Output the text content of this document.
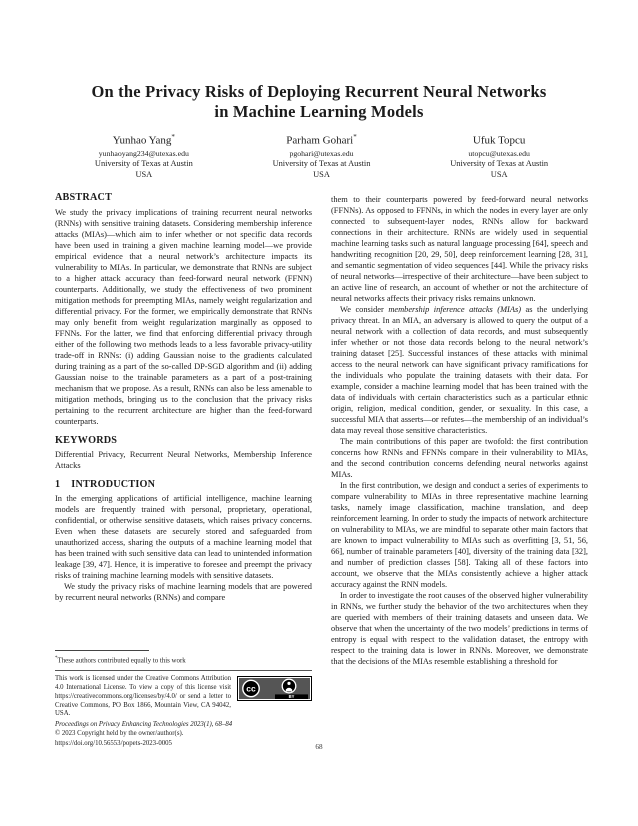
On the Privacy Risks of Deploying Recurrent Neural Networks
in Machine Learning Models
Yunhao Yang*
yunhaoyang234@utexas.edu
University of Texas at Austin
USA
Parham Gohari*
pgohari@utexas.edu
University of Texas at Austin
USA
Ufuk Topcu
utopcu@utexas.edu
University of Texas at Austin
USA
ABSTRACT

We study the privacy implications of training recurrent neural networks (RNNs) with sensitive training datasets. Considering membership inference attacks (MIAs)—which aim to infer whether or not specific data records have been used in training a given machine learning model—we provide empirical evidence that a neural network’s architecture impacts its vulnerability to MIAs. In particular, we demonstrate that RNNs are subject to a higher attack accuracy than feed-forward neural network (FFNN) counterparts. Additionally, we study the effectiveness of two prominent mitigation methods for preempting MIAs, namely weight regularization and differential privacy. For the former, we empirically demonstrate that RNNs may only benefit from weight regularization marginally as opposed to FFNNs. For the latter, we find that enforcing differential privacy through either of the following two methods leads to a less favorable privacy-utility trade-off in RNNs: (i) adding Gaussian noise to the gradients calculated during training as a part of the so-called DP-SGD algorithm and (ii) adding Gaussian noise to the trainable parameters as a part of a post-training mechanism that we propose. As a result, RNNs can also be less amenable to mitigation methods, bringing us to the conclusion that the privacy risks pertaining to the recurrent architecture are higher than the feed-forward counterparts.

KEYWORDS

Differential Privacy, Recurrent Neural Networks, Membership Inference Attacks

1 INTRODUCTION

In the emerging applications of artificial intelligence, machine learning models are frequently trained with personal, proprietary, operational, confidential, or otherwise sensitive datasets, which raises privacy concerns. Even when these datasets are securely stored and safeguarded from unauthorized access, sharing the outputs of a machine learning model that has been trained with such sensitive data can lead to unintended information leakage [39, 47]. Hence, it is imperative to foresee and preempt the privacy risks of training machine learning models with sensitive datasets.

We study the privacy risks of machine learning models that are powered by recurrent neural networks (RNNs) and compare

them to their counterparts powered by feed-forward neural networks (FFNNs). As opposed to FFNNs, in which the nodes in every layer are only connected to subsequent-layer nodes, RNNs allow for backward connections in their architecture. RNNs are widely used in sequential machine learning tasks such as natural language processing [64], speech and handwriting recognition [20, 29, 50], deep reinforcement learning [28, 31], and semantic segmentation of video sequences [44]. While the privacy risks of neural networks—irrespective of their architecture—have been subject to an active line of research, an account of whether or not the architecture of neural networks affects their privacy risks remains unknown.

We consider membership inference attacks (MIAs) as the underlying privacy threat. In an MIA, an adversary is allowed to query the output of a neural network with a collection of data records, and must subsequently infer whether or not those data records belong to the neural network’s training dataset [25]. Successful instances of these attacks with minimal access to the neural network can have significant privacy ramifications for the individuals who populate the training datasets with their data. For example, consider a machine learning model that has been trained with the data of individuals with certain characteristics such as a particular ethnic origin, religion, medical condition, gender, or sexuality. In this case, a successful MIA that asserts—or refutes—the membership of an individual’s data may reveal those sensitive characteristics.

The main contributions of this paper are twofold: the first contribution concerns how RNNs and FFNNs compare in their vulnerability to MIAs, and the second contribution concerns defending neural networks against MIAs.

In the first contribution, we design and conduct a series of experiments to compare vulnerability to MIAs in three representative machine learning tasks, namely image classification, machine translation, and deep reinforcement learning. In order to study the impacts of network architecture on vulnerability to MIAs, we are mindful to separate other main factors that are known to impact vulnerability to MIAs such as overfitting [3, 51, 56, 66], number of trainable parameters [40], diversity of the training data [32], and number of prediction classes [58]. Taking all of these factors into account, we observe that the MIAs consistently achieve a higher attack accuracy against the RNN models.

In order to investigate the root causes of the observed higher vulnerability in RNNs, we further study the behavior of the two architectures when they are queried with members of their training datasets and unseen data. We observe that when the uncertainty of the two models’ predictions in terms of entropy is equal with respect to the validation dataset, the entropy with respect to the training data is lower in RNNs. Moreover, we demonstrate that the decisions of the MIAs resemble establishing a threshold for

*These authors contributed equally to this work

cc
BY

This work is licensed under the Creative Commons Attribution 4.0 International License. To view a copy of this license visit https://creativecommons.org/licenses/by/4.0/ or send a letter to Creative Commons, PO Box 1866, Mountain View, CA 94042, USA.

Proceedings on Privacy Enhancing Technologies 2023(1), 68–84

© 2023 Copyright held by the owner/author(s).

https://doi.org/10.56553/popets-2023-0005	68
